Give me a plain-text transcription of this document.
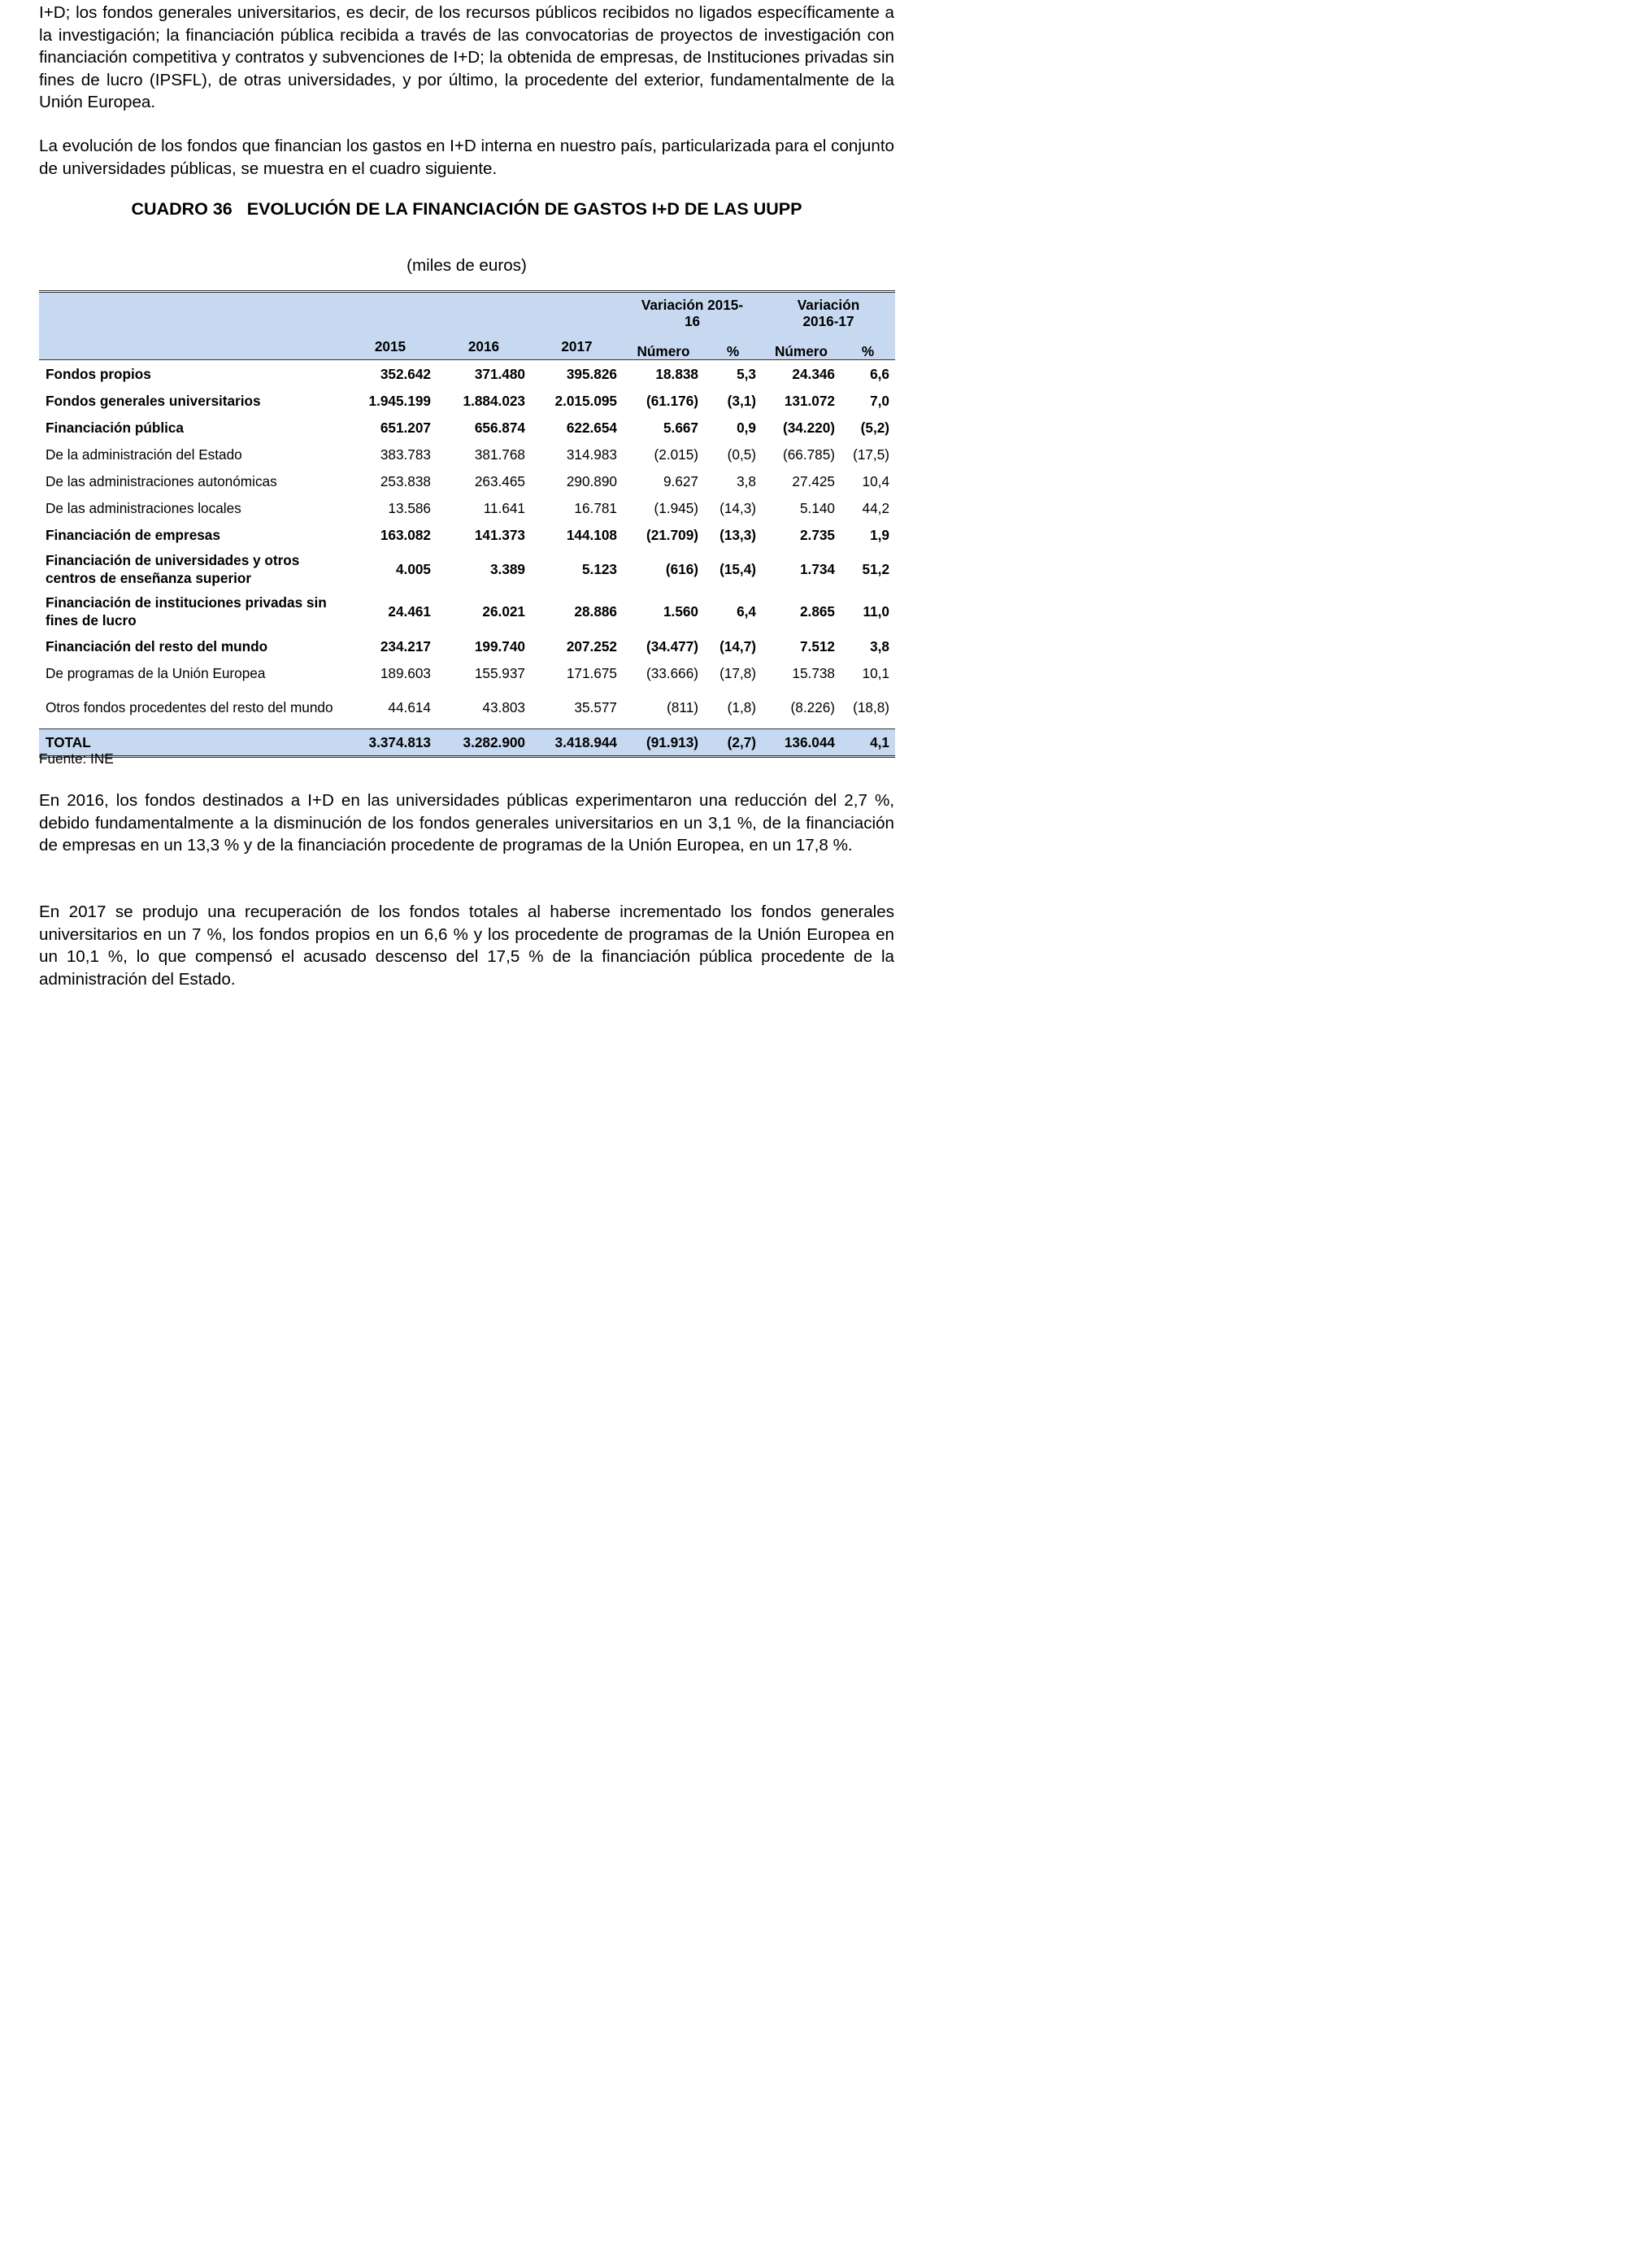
I+D; los fondos generales universitarios, es decir, de los recursos públicos recibidos no ligados específicamente a la investigación; la financiación pública recibida a través de las convocatorias de proyectos de investigación con financiación competitiva y contratos y subvenciones de I+D; la obtenida de empresas, de Instituciones privadas sin fines de lucro (IPSFL), de otras universidades, y por último, la procedente del exterior, fundamentalmente de la Unión Europea.

La evolución de los fondos que financian los gastos en I+D interna en nuestro país, particularizada para el conjunto de universidades públicas, se muestra en el cuadro siguiente.

CUADRO 36 EVOLUCIÓN DE LA FINANCIACIÓN DE GASTOS I+D DE LAS UUPP
(miles de euros)
				Variación 2015-16		Variación 2016-17	
	2015	2016	2017	Número	%	Número	%
Fondos propios	352.642	371.480	395.826	18.838	5,3	24.346	6,6
Fondos generales universitarios	1.945.199	1.884.023	2.015.095	(61.176)	(3,1)	131.072	7,0
Financiación pública	651.207	656.874	622.654	5.667	0,9	(34.220)	(5,2)
De la administración del Estado	383.783	381.768	314.983	(2.015)	(0,5)	(66.785)	(17,5)
De las administraciones autonómicas	253.838	263.465	290.890	9.627	3,8	27.425	10,4
De las administraciones locales	13.586	11.641	16.781	(1.945)	(14,3)	5.140	44,2
Financiación de empresas	163.082	141.373	144.108	(21.709)	(13,3)	2.735	1,9
Financiación de universidades y otros centros de enseñanza superior	4.005	3.389	5.123	(616)	(15,4)	1.734	51,2
Financiación de instituciones privadas sin fines de lucro	24.461	26.021	28.886	1.560	6,4	2.865	11,0
Financiación del resto del mundo	234.217	199.740	207.252	(34.477)	(14,7)	7.512	3,8
De programas de la Unión Europea	189.603	155.937	171.675	(33.666)	(17,8)	15.738	10,1
Otros fondos procedentes del resto del mundo	44.614	43.803	35.577	(811)	(1,8)	(8.226)	(18,8)
TOTAL	3.374.813	3.282.900	3.418.944	(91.913)	(2,7)	136.044	4,1
Fuente: INE

En 2016, los fondos destinados a I+D en las universidades públicas experimentaron una reducción del 2,7 %, debido fundamentalmente a la disminución de los fondos generales universitarios en un 3,1 %, de la financiación de empresas en un 13,3 % y de la financiación procedente de programas de la Unión Europea, en un 17,8 %.

En 2017 se produjo una recuperación de los fondos totales al haberse incrementado los fondos generales universitarios en un 7 %, los fondos propios en un 6,6 % y los procedente de programas de la Unión Europea en un 10,1 %, lo que compensó el acusado descenso del 17,5 % de la financiación pública procedente de la administración del Estado.
